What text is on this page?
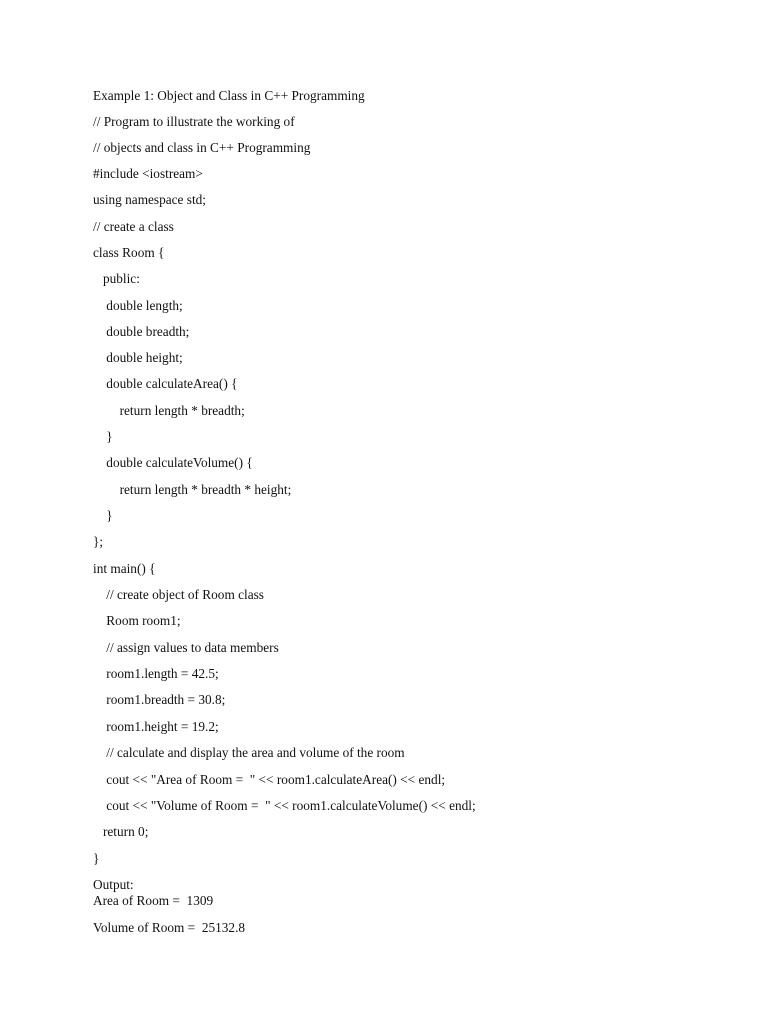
Example 1: Object and Class in C++ Programming

// Program to illustrate the working of

// objects and class in C++ Programming

#include <iostream>

using namespace std;

// create a class

class Room {

public:

double length;

double breadth;

double height;

double calculateArea() {

return length * breadth;

}

double calculateVolume() {

return length * breadth * height;

}

};

int main() {

// create object of Room class

Room room1;

// assign values to data members

room1.length = 42.5;

room1.breadth = 30.8;

room1.height = 19.2;

// calculate and display the area and volume of the room

cout << "Area of Room =  " << room1.calculateArea() << endl;

cout << "Volume of Room =  " << room1.calculateVolume() << endl;

return 0;

}

Output:

Area of Room =  1309

Volume of Room =  25132.8
